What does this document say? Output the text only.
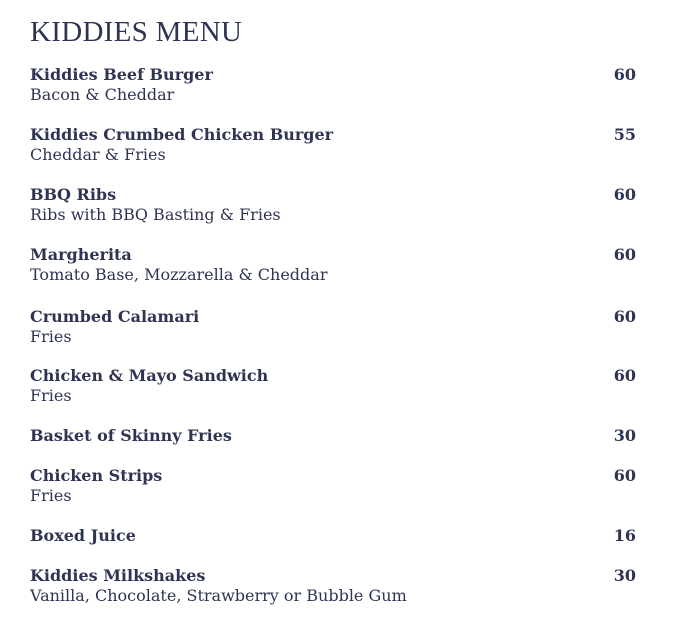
KIDDIES MENU
Kiddies Beef Burger
Bacon & Cheddar
60
Kiddies Crumbed Chicken Burger
Cheddar & Fries
55
BBQ Ribs
Ribs with BBQ Basting & Fries
60
Margherita
Tomato Base, Mozzarella & Cheddar
60
Crumbed Calamari
Fries
60
Chicken & Mayo Sandwich
Fries
60
Basket of Skinny Fries	30
Chicken Strips
Fries
60
Boxed Juice	16
Kiddies Milkshakes
Vanilla, Chocolate, Strawberry or Bubble Gum
30
